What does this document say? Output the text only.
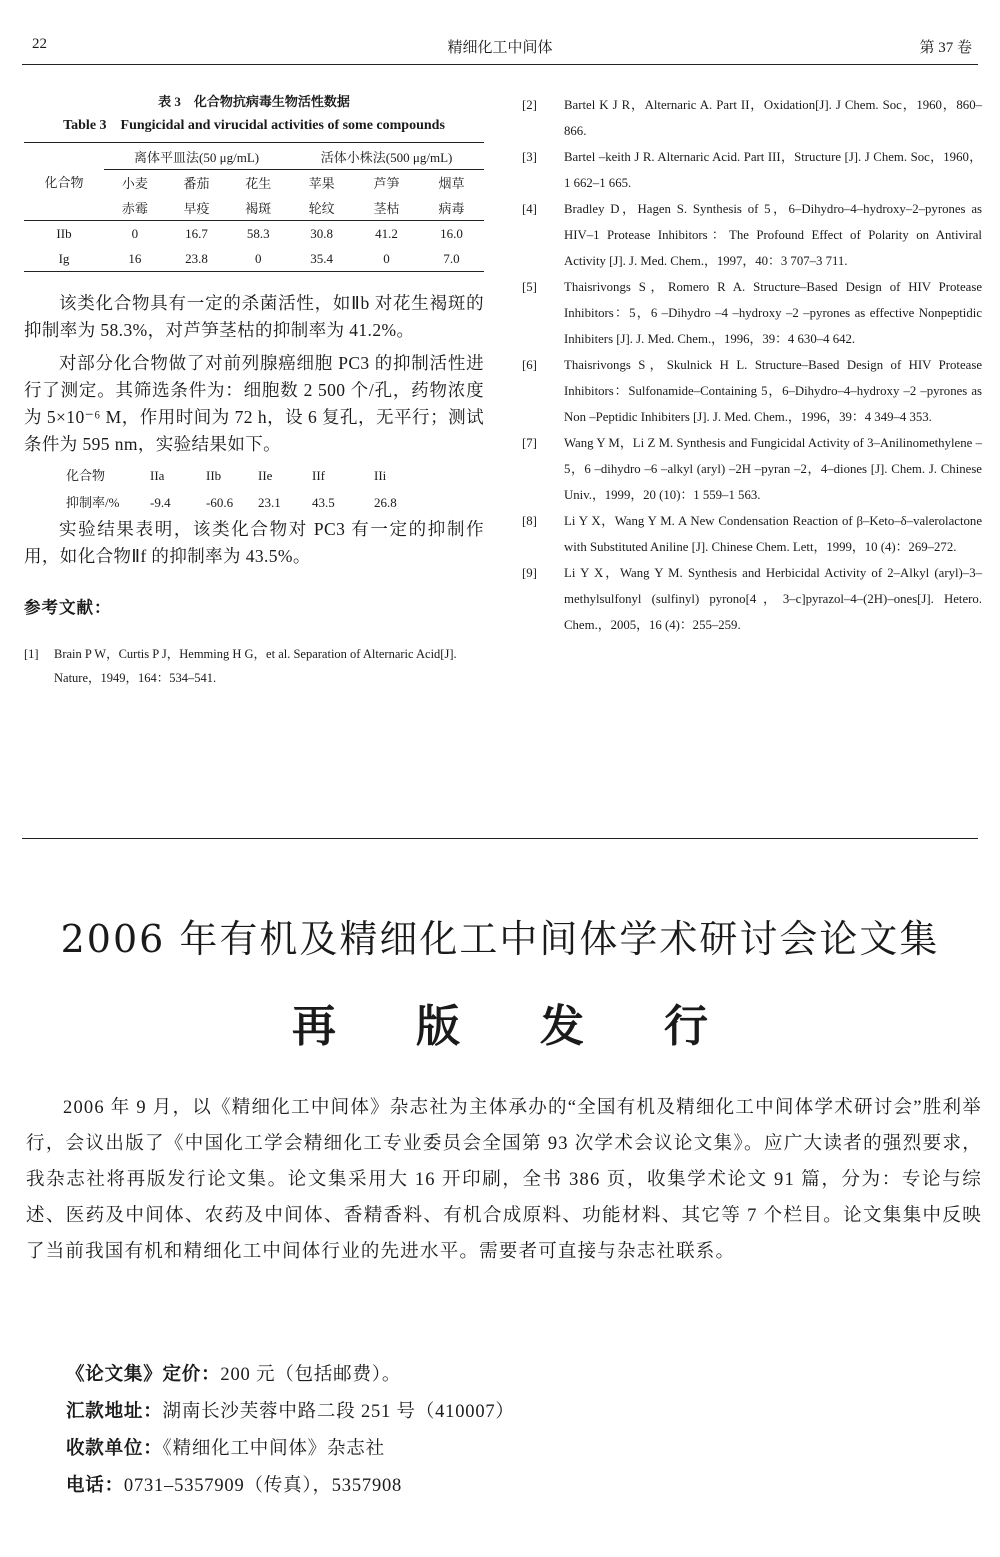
22	精细化工中间体	第 37 卷
表 3　化合物抗病毒生物活性数据
Table 3　Fungicidal and virucidal activities of some compounds
化合物	离体平皿法(50 μg/mL)			活体小株法(500 μg/mL)		
	小麦	番茄	花生	苹果	芦笋	烟草
	赤霉	早疫	褐斑	轮纹	茎枯	病毒
IIb	0	16.7	58.3	30.8	41.2	16.0
Ig	16	23.8	0	35.4	0	7.0

该类化合物具有一定的杀菌活性，如Ⅱb 对花生褐斑的抑制率为 58.3%，对芦笋茎枯的抑制率为 41.2%。

对部分化合物做了对前列腺癌细胞 PC3 的抑制活性进行了测定。其筛选条件为：细胞数 2 500 个/孔，药物浓度为 5×10⁻⁶ M，作用时间为 72 h，设 6 复孔，无平行；测试条件为 595 nm，实验结果如下。

化合物	IIa	IIb	IIe	IIf	IIi
抑制率/%	-9.4	-60.6	23.1	43.5	26.8

实验结果表明，该类化合物对 PC3 有一定的抑制作用，如化合物Ⅱf 的抑制率为 43.5%。

参考文献：
[1] Brain P W，Curtis P J，Hemming H G，et al. Separation of Alternaric Acid[J]. Nature，1949，164：534–541.
[2] Bartel K J R，Alternaric A. Part II，Oxidation[J]. J Chem. Soc，1960，860–866.
[3] Bartel –keith J R. Alternaric Acid. Part III，Structure [J]. J Chem. Soc，1960，1 662–1 665.
[4] Bradley D，Hagen S. Synthesis of 5，6–Dihydro–4–hydroxy–2–pyrones as HIV–1 Protease Inhibitors：The Profound Effect of Polarity on Antiviral Activity [J]. J. Med. Chem.，1997，40：3 707–3 711.
[5] Thaisrivongs S，Romero R A. Structure–Based Design of HIV Protease Inhibitors：5，6 –Dihydro –4 –hydroxy –2 –pyrones as effective Nonpeptidic Inhibiters [J]. J. Med. Chem.，1996，39：4 630–4 642.
[6] Thaisrivongs S，Skulnick H L. Structure–Based Design of HIV Protease Inhibitors：Sulfonamide–Containing 5，6–Dihydro–4–hydroxy –2 –pyrones as Non –Peptidic Inhibiters [J]. J. Med. Chem.，1996，39：4 349–4 353.
[7] Wang Y M，Li Z M. Synthesis and Fungicidal Activity of 3–Anilinomethylene –5，6 –dihydro –6 –alkyl (aryl) –2H –pyran –2，4–diones [J]. Chem. J. Chinese Univ.，1999，20 (10)：1 559–1 563.
[8] Li Y X，Wang Y M. A New Condensation Reaction of β–Keto–δ–valerolactone with Substituted Aniline [J]. Chinese Chem. Lett，1999，10 (4)：269–272.
[9] Li Y X，Wang Y M. Synthesis and Herbicidal Activity of 2–Alkyl (aryl)–3– methylsulfonyl (sulfinyl) pyrono[4，3–c]pyrazol–4–(2H)–ones[J]. Hetero. Chem.，2005，16 (4)：255–259.
2006 年有机及精细化工中间体学术研讨会论文集
再版发行

2006 年 9 月，以《精细化工中间体》杂志社为主体承办的“全国有机及精细化工中间体学术研讨会”胜利举行，会议出版了《中国化工学会精细化工专业委员会全国第 93 次学术会议论文集》。应广大读者的强烈要求，我杂志社将再版发行论文集。论文集采用大 16 开印刷，全书 386 页，收集学术论文 91 篇，分为：专论与综述、医药及中间体、农药及中间体、香精香料、有机合成原料、功能材料、其它等 7 个栏目。论文集集中反映了当前我国有机和精细化工中间体行业的先进水平。需要者可直接与杂志社联系。

《论文集》定价：200 元（包括邮费）。
汇款地址：湖南长沙芙蓉中路二段 251 号（410007）
收款单位：《精细化工中间体》杂志社
电话：0731–5357909（传真），5357908
